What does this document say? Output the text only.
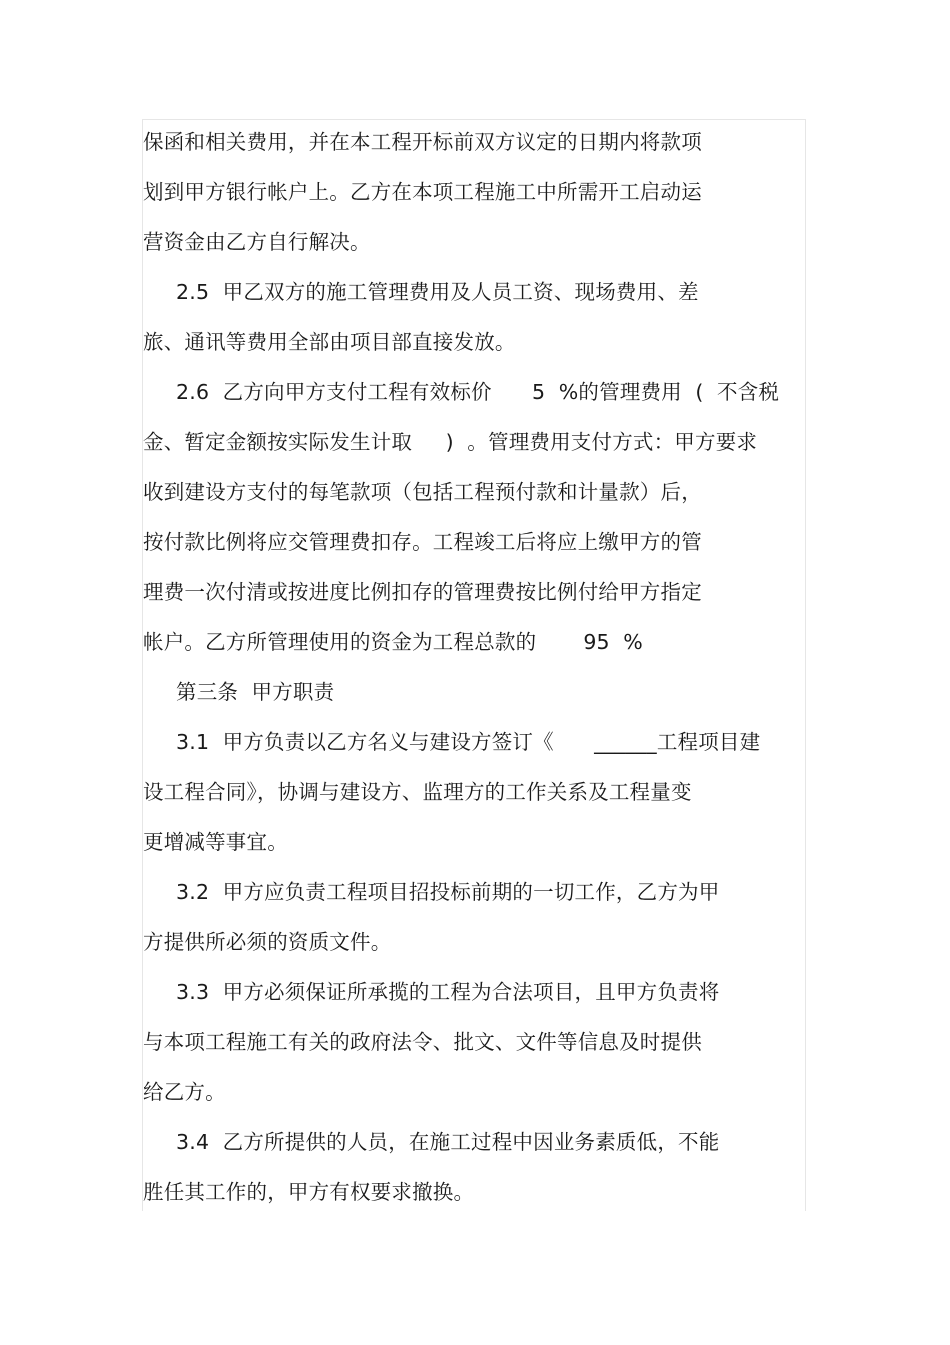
保函和相关费用，并在本工程开标前双方议定的日期内将款项
划到甲方银行帐户上。乙方在本项工程施工中所需开工启动运
营资金由乙方自行解决。
2.5  甲乙双方的施工管理费用及人员工资、现场费用、差
旅、通讯等费用全部由项目部直接发放。
2.6  乙方向甲方支付工程有效标价      5  %的管理费用  (  不含税
金、暂定金额按实际发生计取     )  。管理费用支付方式：甲方要求
收到建设方支付的每笔款项（包括工程预付款和计量款）后，
按付款比例将应交管理费扣存。工程竣工后将应上缴甲方的管
理费一次付清或按进度比例扣存的管理费按比例付给甲方指定
帐户。乙方所管理使用的资金为工程总款的       95  %
第三条  甲方职责
3.1  甲方负责以乙方名义与建设方签订《      ______工程项目建
设工程合同》，协调与建设方、监理方的工作关系及工程量变
更增减等事宜。
3.2  甲方应负责工程项目招投标前期的一切工作，乙方为甲
方提供所必须的资质文件。
3.3  甲方必须保证所承揽的工程为合法项目，且甲方负责将
与本项工程施工有关的政府法令、批文、文件等信息及时提供
给乙方。
3.4  乙方所提供的人员，在施工过程中因业务素质低，不能
胜任其工作的，甲方有权要求撤换。
